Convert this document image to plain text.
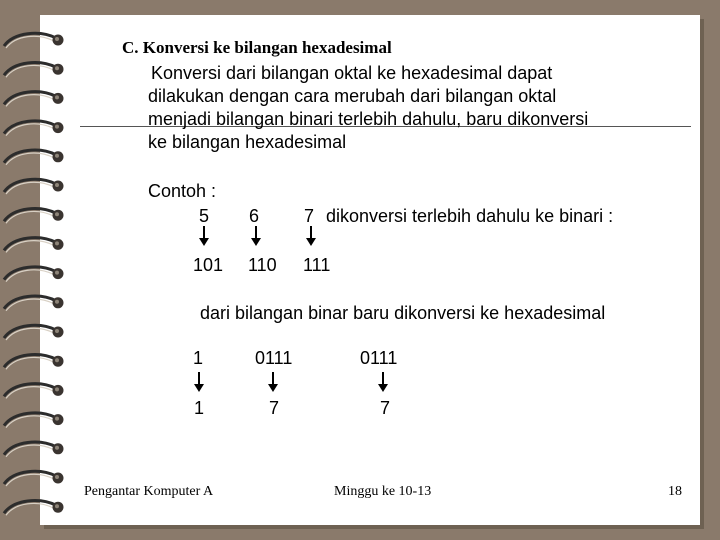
C. Konversi ke bilangan hexadesimal
Konversi dari bilangan oktal ke hexadesimal dapat
dilakukan dengan cara merubah dari bilangan oktal
menjadi bilangan binari terlebih dahulu, baru dikonversi
ke bilangan hexadesimal
Contoh :
5 6 7 dikonversi terlebih dahulu ke binari :
101 110 111
dari bilangan binar baru dikonversi ke hexadesimal
1	0111	0111
1	7	7
Pengantar Komputer A	Minggu ke 10-13	18
